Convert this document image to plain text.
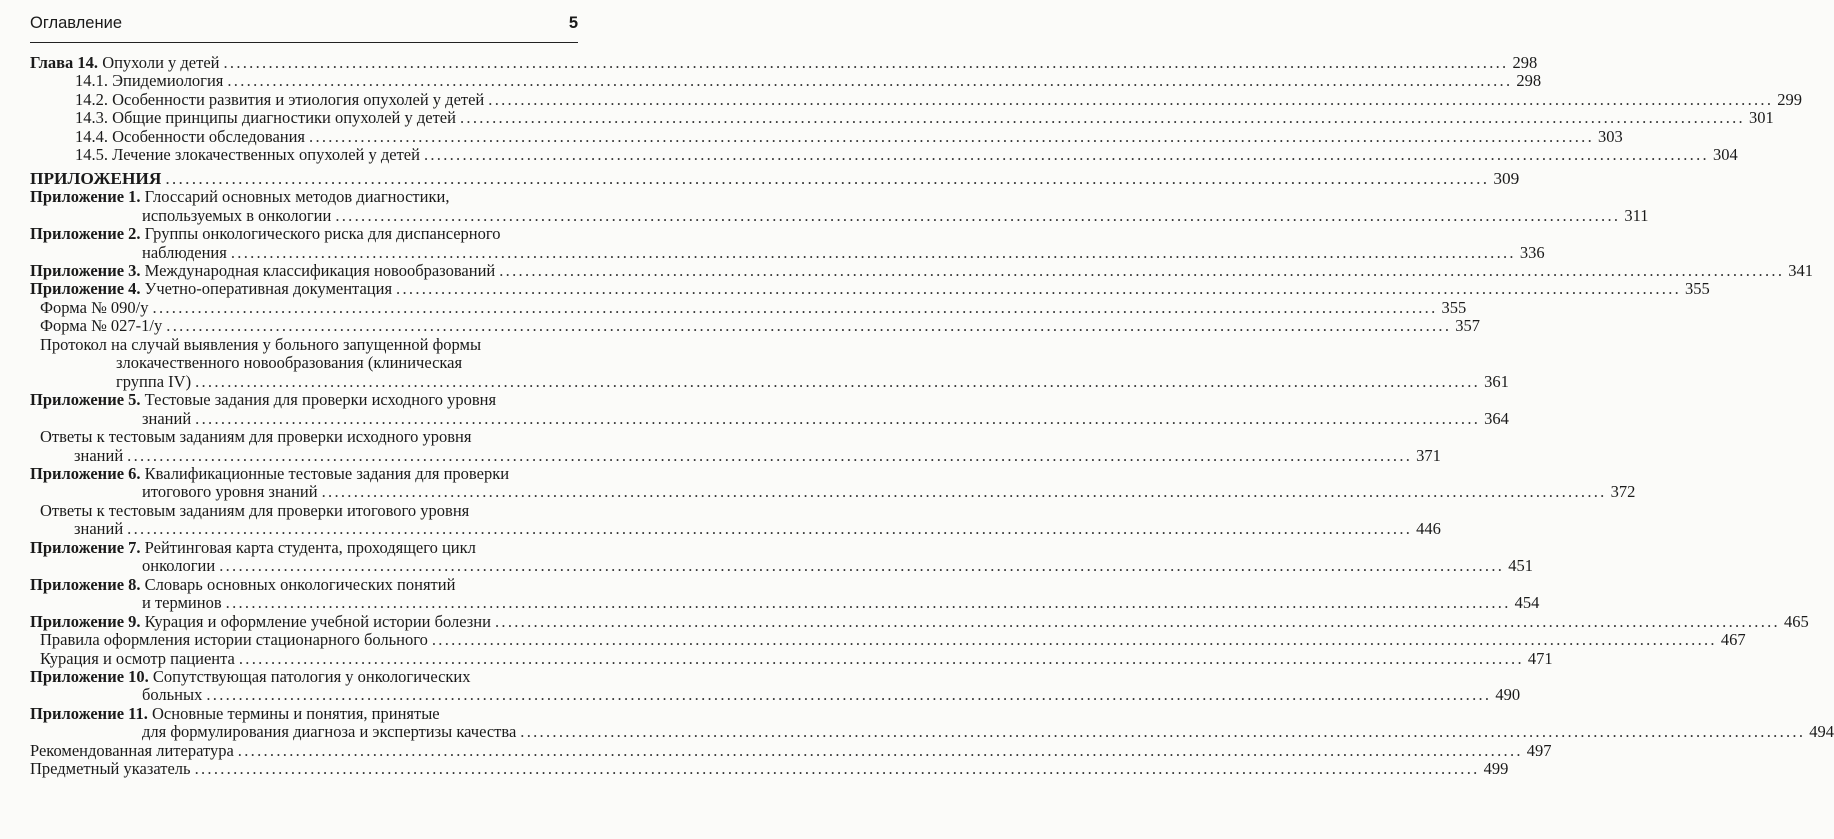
Оглавление	5
Глава 14. Опухоли у детей ........................................................................................................................................................................................................ 298
14.1. Эпидемиология ........................................................................................................................................................................................................ 298
14.2. Особенности развития и этиология опухолей у детей ........................................................................................................................................................................................................ 299
14.3. Общие принципы диагностики опухолей у детей ........................................................................................................................................................................................................ 301
14.4. Особенности обследования ........................................................................................................................................................................................................ 303
14.5. Лечение злокачественных опухолей у детей ........................................................................................................................................................................................................ 304
ПРИЛОЖЕНИЯ ........................................................................................................................................................................................................ 309
Приложение 1. Глоссарий основных методов диагностики,
используемых в онкологии ........................................................................................................................................................................................................ 311
Приложение 2. Группы онкологического риска для диспансерного
наблюдения ........................................................................................................................................................................................................ 336
Приложение 3. Международная классификация новообразований ........................................................................................................................................................................................................ 341
Приложение 4. Учетно-оперативная документация ........................................................................................................................................................................................................ 355
Форма № 090/у ........................................................................................................................................................................................................ 355
Форма № 027-1/у ........................................................................................................................................................................................................ 357
Протокол на случай выявления у больного запущенной формы
злокачественного новообразования (клиническая
группа IV) ........................................................................................................................................................................................................ 361
Приложение 5. Тестовые задания для проверки исходного уровня
знаний ........................................................................................................................................................................................................ 364
Ответы к тестовым заданиям для проверки исходного уровня
знаний ........................................................................................................................................................................................................ 371
Приложение 6. Квалификационные тестовые задания для проверки
итогового уровня знаний ........................................................................................................................................................................................................ 372
Ответы к тестовым заданиям для проверки итогового уровня
знаний ........................................................................................................................................................................................................ 446
Приложение 7. Рейтинговая карта студента, проходящего цикл
онкологии ........................................................................................................................................................................................................ 451
Приложение 8. Словарь основных онкологических понятий
и терминов ........................................................................................................................................................................................................ 454
Приложение 9. Курация и оформление учебной истории болезни ........................................................................................................................................................................................................ 465
Правила оформления истории стационарного больного ........................................................................................................................................................................................................ 467
Курация и осмотр пациента ........................................................................................................................................................................................................ 471
Приложение 10. Сопутствующая патология у онкологических
больных ........................................................................................................................................................................................................ 490
Приложение 11. Основные термины и понятия, принятые
для формулирования диагноза и экспертизы качества ........................................................................................................................................................................................................ 494
Рекомендованная литература ........................................................................................................................................................................................................ 497
Предметный указатель ........................................................................................................................................................................................................ 499
